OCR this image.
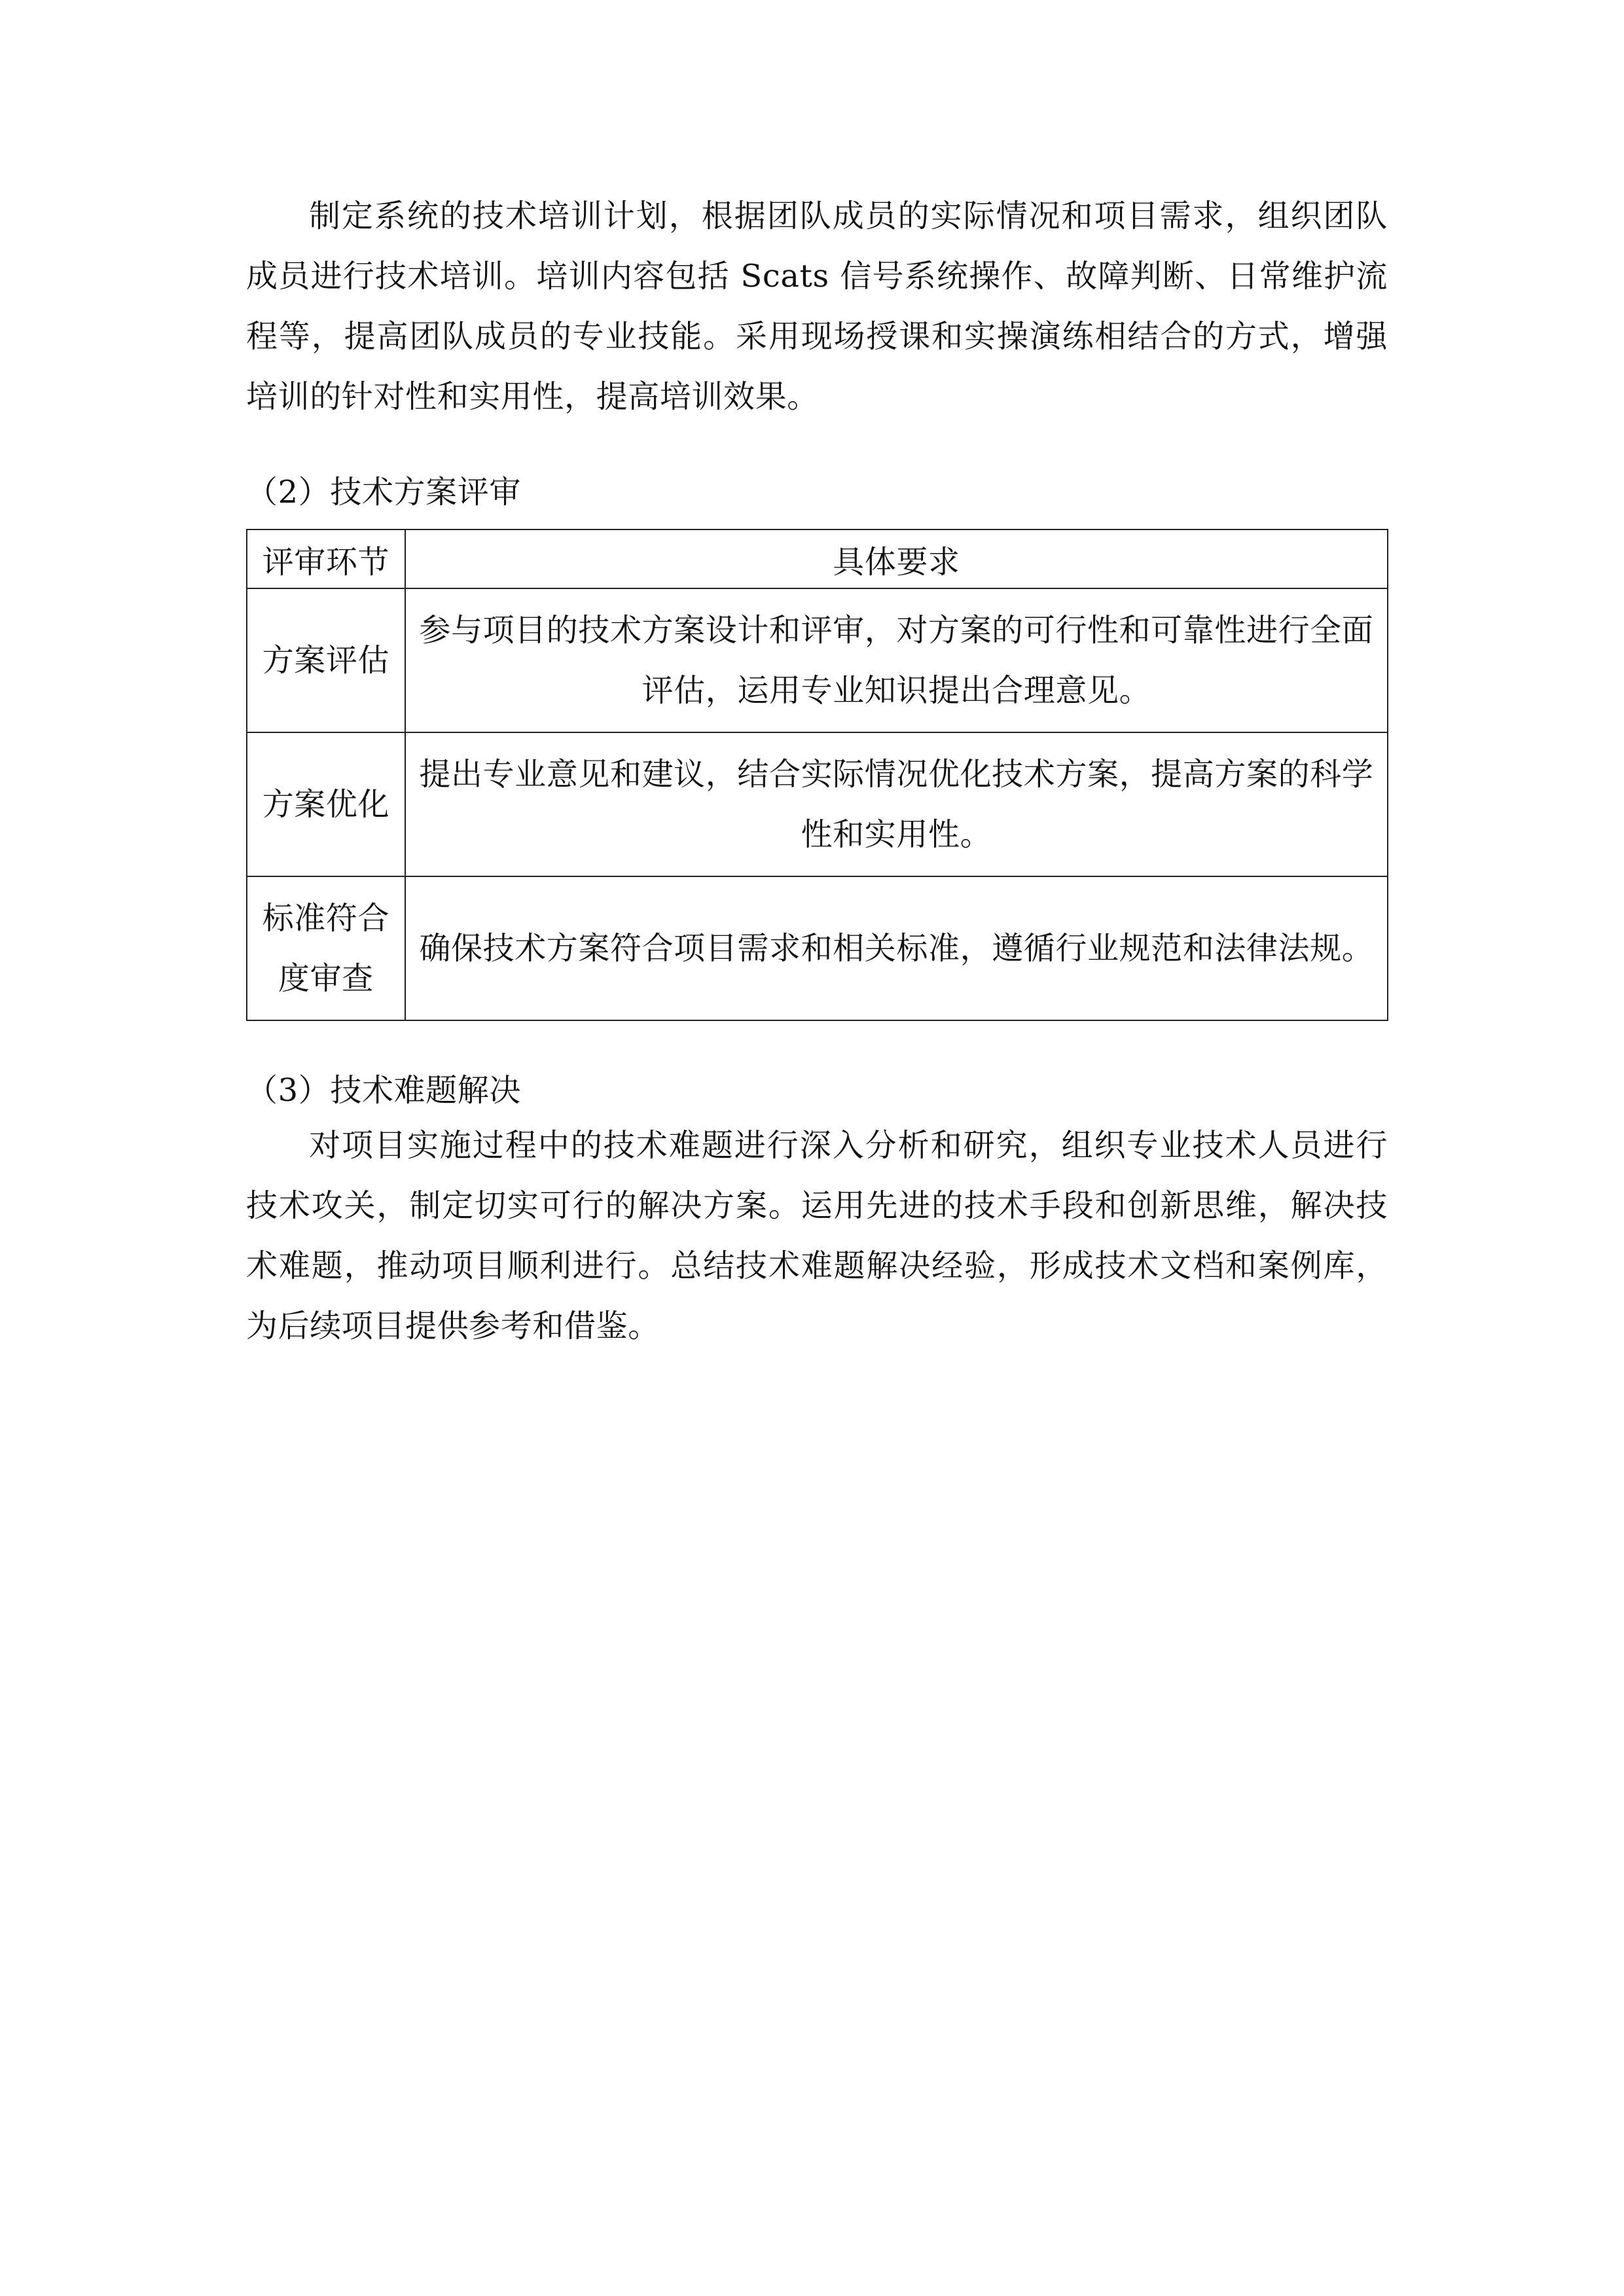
制定系统的技术培训计划，根据团队成员的实际情况和项目需求，组织团队成员进行技术培训。培训内容包括 Scats 信号系统操作、故障判断、日常维护流程等，提高团队成员的专业技能。采用现场授课和实操演练相结合的方式，增强培训的针对性和实用性，提高培训效果。

（2）技术方案评审

评审环节	具体要求
方案评估	参与项目的技术方案设计和评审，对方案的可行性和可靠性进行全面评估，运用专业知识提出合理意见。
方案优化	提出专业意见和建议，结合实际情况优化技术方案，提高方案的科学性和实用性。
标准符合度审查	确保技术方案符合项目需求和相关标准，遵循行业规范和法律法规。

（3）技术难题解决

对项目实施过程中的技术难题进行深入分析和研究，组织专业技术人员进行技术攻关，制定切实可行的解决方案。运用先进的技术手段和创新思维，解决技术难题，推动项目顺利进行。总结技术难题解决经验，形成技术文档和案例库，为后续项目提供参考和借鉴。
